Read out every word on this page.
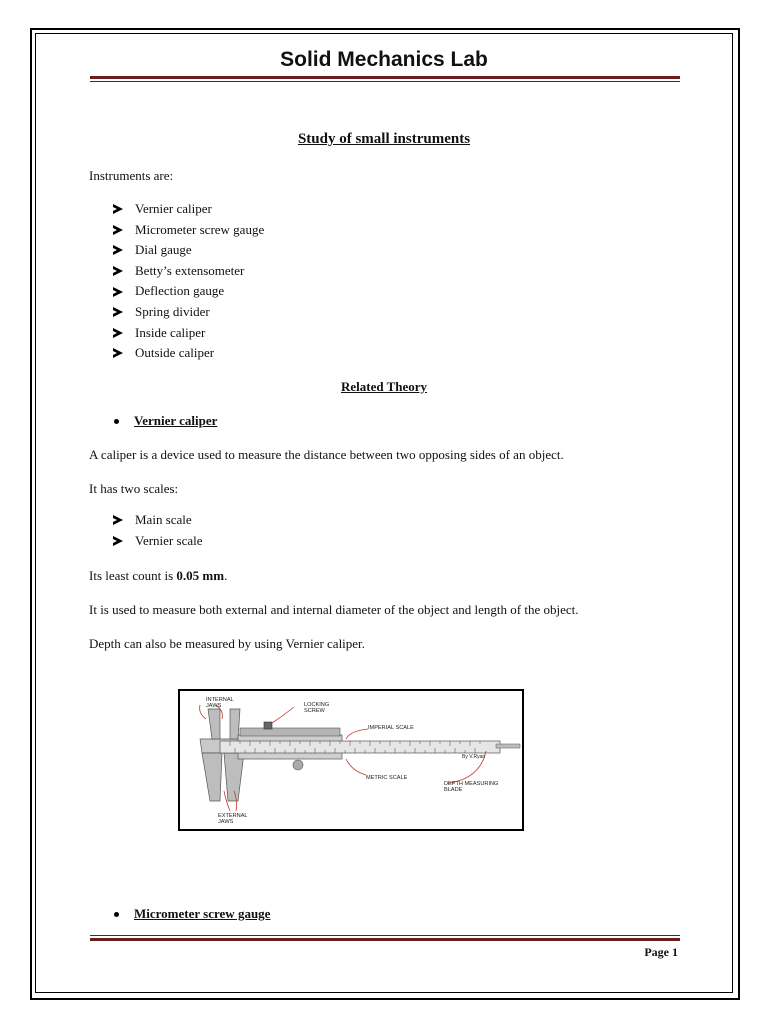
Solid Mechanics Lab
Study of small instruments
Instruments are:
Vernier caliper
Micrometer screw gauge
Dial gauge
Betty’s extensometer
Deflection gauge
Spring divider
Inside caliper
Outside caliper
Related Theory
Vernier caliper
A caliper is a device used to measure the distance between two opposing sides of an object.
It has two scales:
Main scale
Vernier scale
Its least count is 0.05 mm.
It is used to measure both external and internal diameter of the object and length of the object.
Depth can also be measured by using Vernier caliper.
INTERNAL JAWS	LOCKING SCREW
IMPERIAL SCALE
METRIC SCALE
DEPTH MEASURING BLADE
EXTERNAL JAWS
By V.Ryan
Micrometer screw gauge
Page 1
